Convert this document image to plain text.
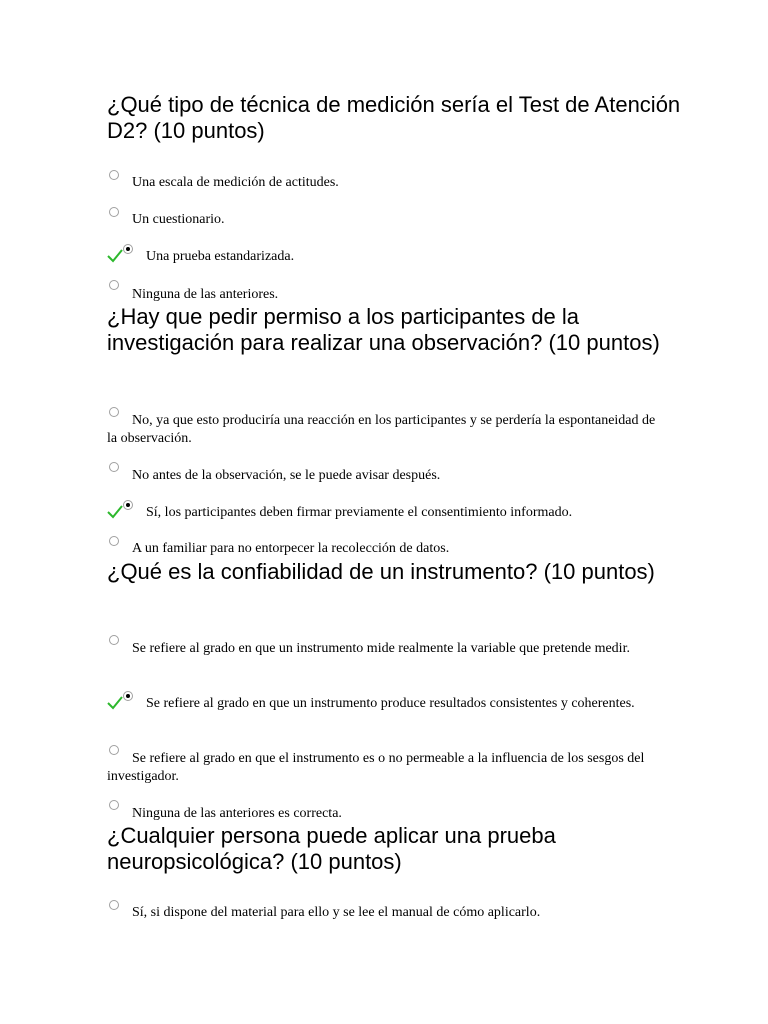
¿Qué tipo de técnica de medición sería el Test de Atención D2? (10 puntos)
Una escala de medición de actitudes.
Un cuestionario.
Una prueba estandarizada.
Ninguna de las anteriores.
¿Hay que pedir permiso a los participantes de la investigación para realizar una observación? (10 puntos)
No, ya que esto produciría una reacción en los participantes y se perdería la espontaneidad de la observación.
No antes de la observación, se le puede avisar después.
Sí, los participantes deben firmar previamente el consentimiento informado.
A un familiar para no entorpecer la recolección de datos.
¿Qué es la confiabilidad de un instrumento? (10 puntos)
Se refiere al grado en que un instrumento mide realmente la variable que pretende medir.
Se refiere al grado en que un instrumento produce resultados consistentes y coherentes.
Se refiere al grado en que el instrumento es o no permeable a la influencia de los sesgos del investigador.
Ninguna de las anteriores es correcta.
¿Cualquier persona puede aplicar una prueba neuropsicológica? (10 puntos)
Sí, si dispone del material para ello y se lee el manual de cómo aplicarlo.
